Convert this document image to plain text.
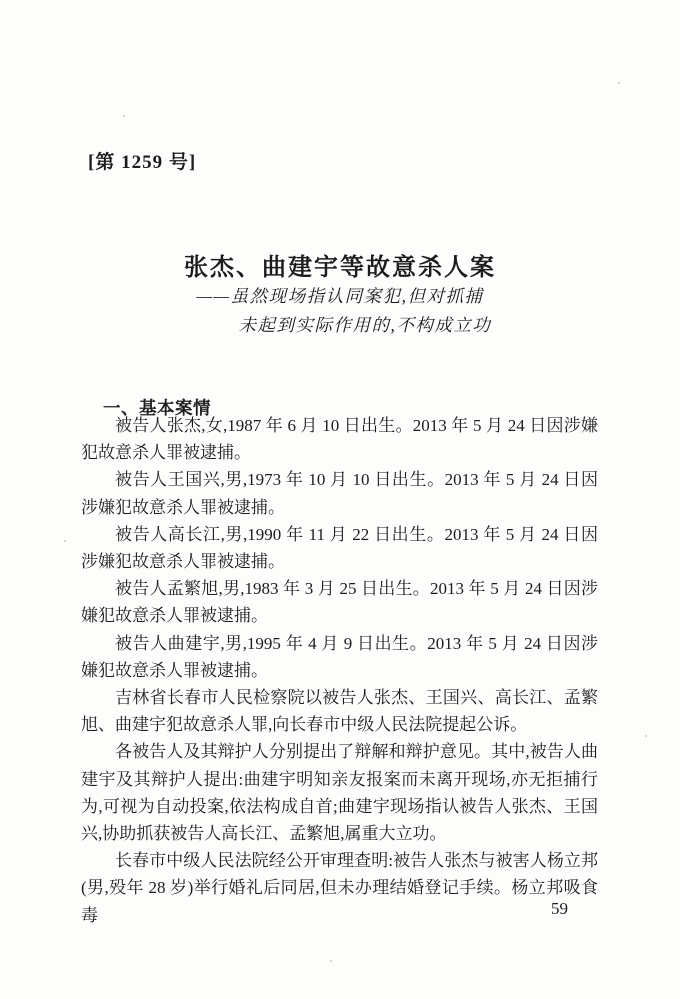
[第 1259 号]
张杰、曲建宇等故意杀人案
——虽然现场指认同案犯,但对抓捕
未起到实际作用的,不构成立功
一、基本案情

被告人张杰,女,1987 年 6 月 10 日出生。2013 年 5 月 24 日因涉嫌犯故意杀人罪被逮捕。

被告人王国兴,男,1973 年 10 月 10 日出生。2013 年 5 月 24 日因涉嫌犯故意杀人罪被逮捕。

被告人高长江,男,1990 年 11 月 22 日出生。2013 年 5 月 24 日因涉嫌犯故意杀人罪被逮捕。

被告人孟繁旭,男,1983 年 3 月 25 日出生。2013 年 5 月 24 日因涉嫌犯故意杀人罪被逮捕。

被告人曲建宇,男,1995 年 4 月 9 日出生。2013 年 5 月 24 日因涉嫌犯故意杀人罪被逮捕。

吉林省长春市人民检察院以被告人张杰、王国兴、高长江、孟繁旭、曲建宇犯故意杀人罪,向长春市中级人民法院提起公诉。

各被告人及其辩护人分别提出了辩解和辩护意见。其中,被告人曲建宇及其辩护人提出:曲建宇明知亲友报案而未离开现场,亦无拒捕行为,可视为自动投案,依法构成自首;曲建宇现场指认被告人张杰、王国兴,协助抓获被告人高长江、孟繁旭,属重大立功。

长春市中级人民法院经公开审理查明:被告人张杰与被害人杨立邦(男,殁年 28 岁)举行婚礼后同居,但未办理结婚登记手续。杨立邦吸食毒	59
